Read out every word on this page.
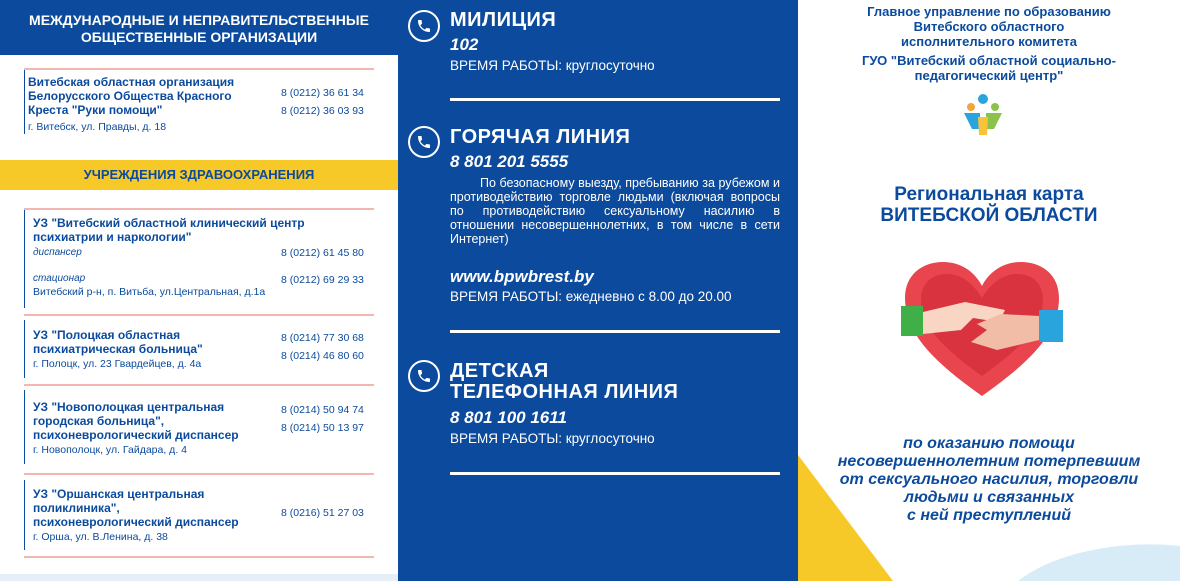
МЕЖДУНАРОДНЫЕ И НЕПРАВИТЕЛЬСТВЕННЫЕ ОБЩЕСТВЕННЫЕ ОРГАНИЗАЦИИ
Витебская областная организация Белорусского Общества Красного Креста "Руки помощи"
г. Витебск, ул. Правды, д. 18
8 (0212) 36 61 34
8 (0212) 36 03 93
УЧРЕЖДЕНИЯ ЗДРАВООХРАНЕНИЯ
УЗ "Витебский областной клинический центр психиатрии и наркологии"
диспансер
стационар
Витебский р-н, п. Витьба, ул.Центральная, д.1а
8 (0212) 61 45 80
8 (0212) 69 29 33
УЗ "Полоцкая областная психиатрическая больница"
г. Полоцк, ул. 23 Гвардейцев, д. 4а
8 (0214) 77 30 68
8 (0214) 46 80 60
УЗ "Новополоцкая центральная городская больница", психоневрологический диспансер
г. Новополоцк, ул. Гайдара, д. 4
8 (0214) 50 94 74
8 (0214) 50 13 97
УЗ "Оршанская центральная поликлиника", психоневрологический диспансер
г. Орша, ул. В.Ленина, д. 38
8 (0216) 51 27 03
МИЛИЦИЯ
102
ВРЕМЯ РАБОТЫ: круглосуточно
ГОРЯЧАЯ ЛИНИЯ
8 801 201 5555
По безопасному выезду, пребыванию за рубежом и противодействию торговле людьми (включая вопросы по противодействию сексуальному насилию в отношении несовершеннолетних, в том числе в сети Интернет)
www.bpwbrest.by
ВРЕМЯ РАБОТЫ: ежедневно с 8.00 до 20.00
ДЕТСКАЯ
ТЕЛЕФОННАЯ ЛИНИЯ
8 801 100 1611
ВРЕМЯ РАБОТЫ: круглосуточно
Главное управление по образованию
Витебского областного
исполнительного комитета
ГУО "Витебский областной социально-
педагогический центр"
Региональная карта
ВИТЕБСКОЙ ОБЛАСТИ
по оказанию помощи
несовершеннолетним потерпевшим
от сексуального насилия, торговли
людьми и связанных
с ней преступлений
